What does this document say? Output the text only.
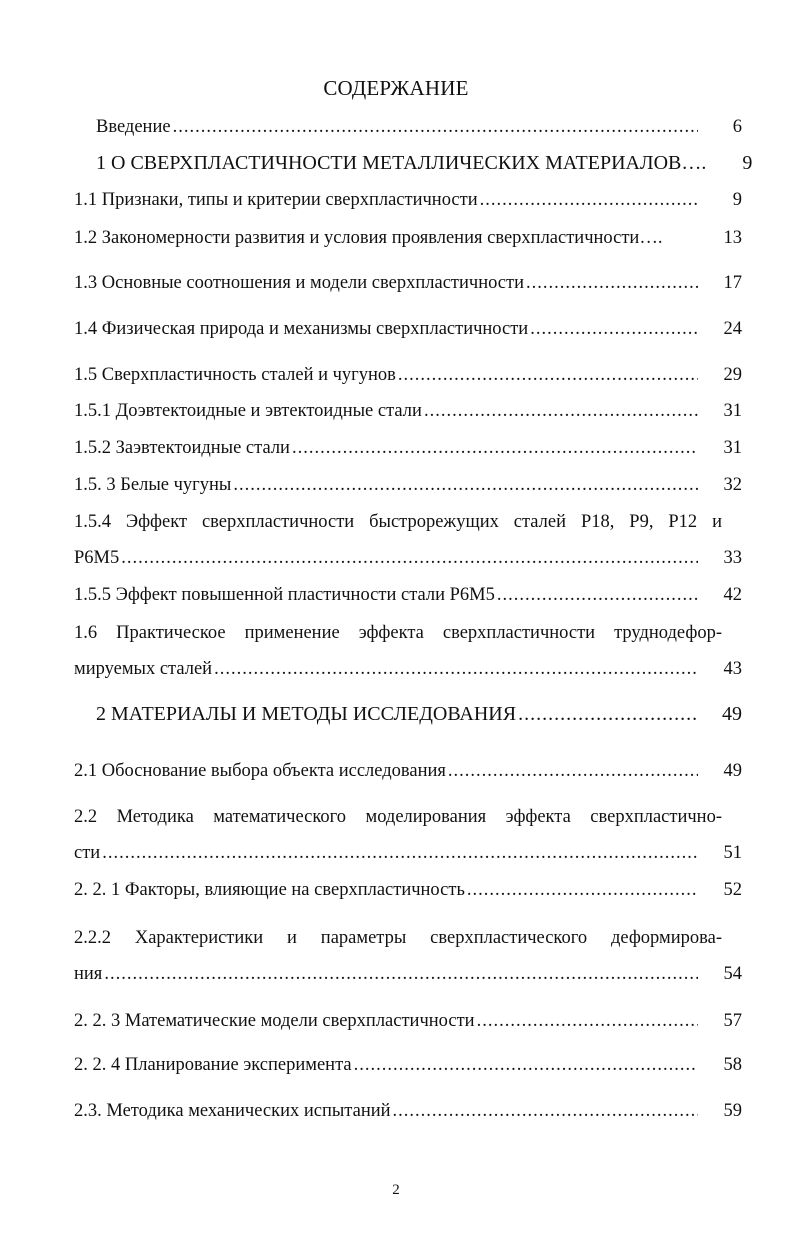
СОДЕРЖАНИЕ
Введение .....	6
1 О СВЕРХПЛАСТИЧНОСТИ МЕТАЛЛИЧЕСКИХ МАТЕРИАЛОВ….	9
1.1 Признаки, типы и критерии сверхпластичности .....	9
1.2 Закономерности развития и условия проявления сверхпластичности….	13
1.3 Основные соотношения и модели сверхпластичности .....	17
1.4 Физическая природа и механизмы сверхпластичности .....	24
1.5 Сверхпластичность сталей и чугунов .....	29
1.5.1 Доэвтектоидные и эвтектоидные стали .....	31
1.5.2 Заэвтектоидные стали .....	31
1.5. 3 Белые чугуны .....	32
1.5.4 Эффект сверхпластичности быстрорежущих сталей Р18, Р9, Р12 и
Р6М5 .....	33
1.5.5 Эффект повышенной пластичности стали Р6М5 .....	42
1.6 Практическое применение эффекта сверхпластичности труднодефор-
мируемых сталей .....	43
2 МАТЕРИАЛЫ И МЕТОДЫ ИССЛЕДОВАНИЯ .....	49
2.1 Обоснование выбора объекта исследования .....	49
2.2 Методика математического моделирования эффекта сверхпластично-
сти .....	51
2. 2. 1 Факторы, влияющие на сверхпластичность .....	52
2.2.2 Характеристики и параметры сверхпластического деформирова-
ния .....	54
2. 2. 3 Математические модели сверхпластичности .....	57
2. 2. 4 Планирование эксперимента .....	58
2.3. Методика механических испытаний .....	59
2
